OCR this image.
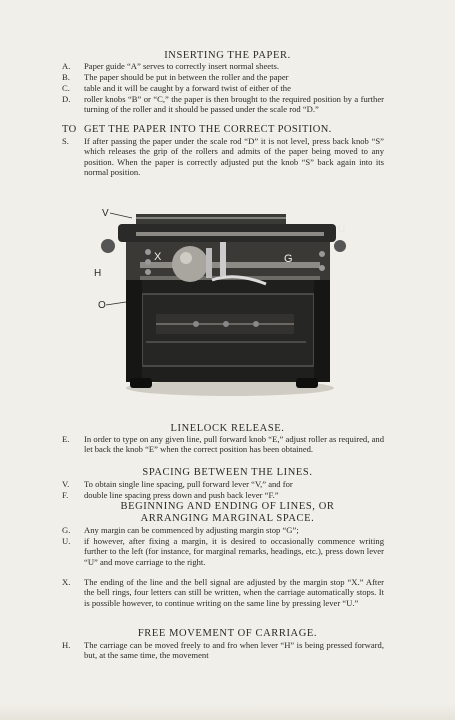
INSERTING THE PAPER.
A.	Paper guide “A” serves to correctly insert normal sheets.
B.	The paper should be put in between the roller and the paper
C.	table and it will be caught by a forward twist of either of the
D.	roller knobs “B” or “C,” the paper is then brought to the required position by a further turning of the roller and it should be passed under the scale rod “D.”
TO GET THE PAPER INTO THE CORRECT POSITION.
S.	If after passing the paper under the scale rod “D” it is not level, press back knob “S” which releases the grip of the rollers and admits of the paper being moved to any position. When the paper is correctly adjusted put the knob “S” back again into its normal position.
V
U
X	G
H
O
LINELOCK RELEASE.
E.	In order to type on any given line, pull forward knob “E,” adjust roller as required, and let back the knob “E” when the correct position has been obtained.
SPACING BETWEEN THE LINES.
V.	To obtain single line spacing, pull forward lever “V,” and for
F.	double line spacing press down and push back lever “F.”
BEGINNING AND ENDING OF LINES, OR
ARRANGING MARGINAL SPACE.
G.	Any margin can be commenced by adjusting margin stop “G”;
U.	if however, after fixing a margin, it is desired to occasionally commence writing further to the left (for instance, for marginal remarks, headings, etc.), press down lever “U” and move carriage to the right.
X.	The ending of the line and the bell signal are adjusted by the margin stop “X.” After the bell rings, four letters can still be written, when the carriage automatically stops. It is possible however, to continue writing on the same line by pressing lever “U.”
FREE MOVEMENT OF CARRIAGE.
H.	The carriage can be moved freely to and fro when lever “H” is being pressed forward, but, at the same time, the movement
